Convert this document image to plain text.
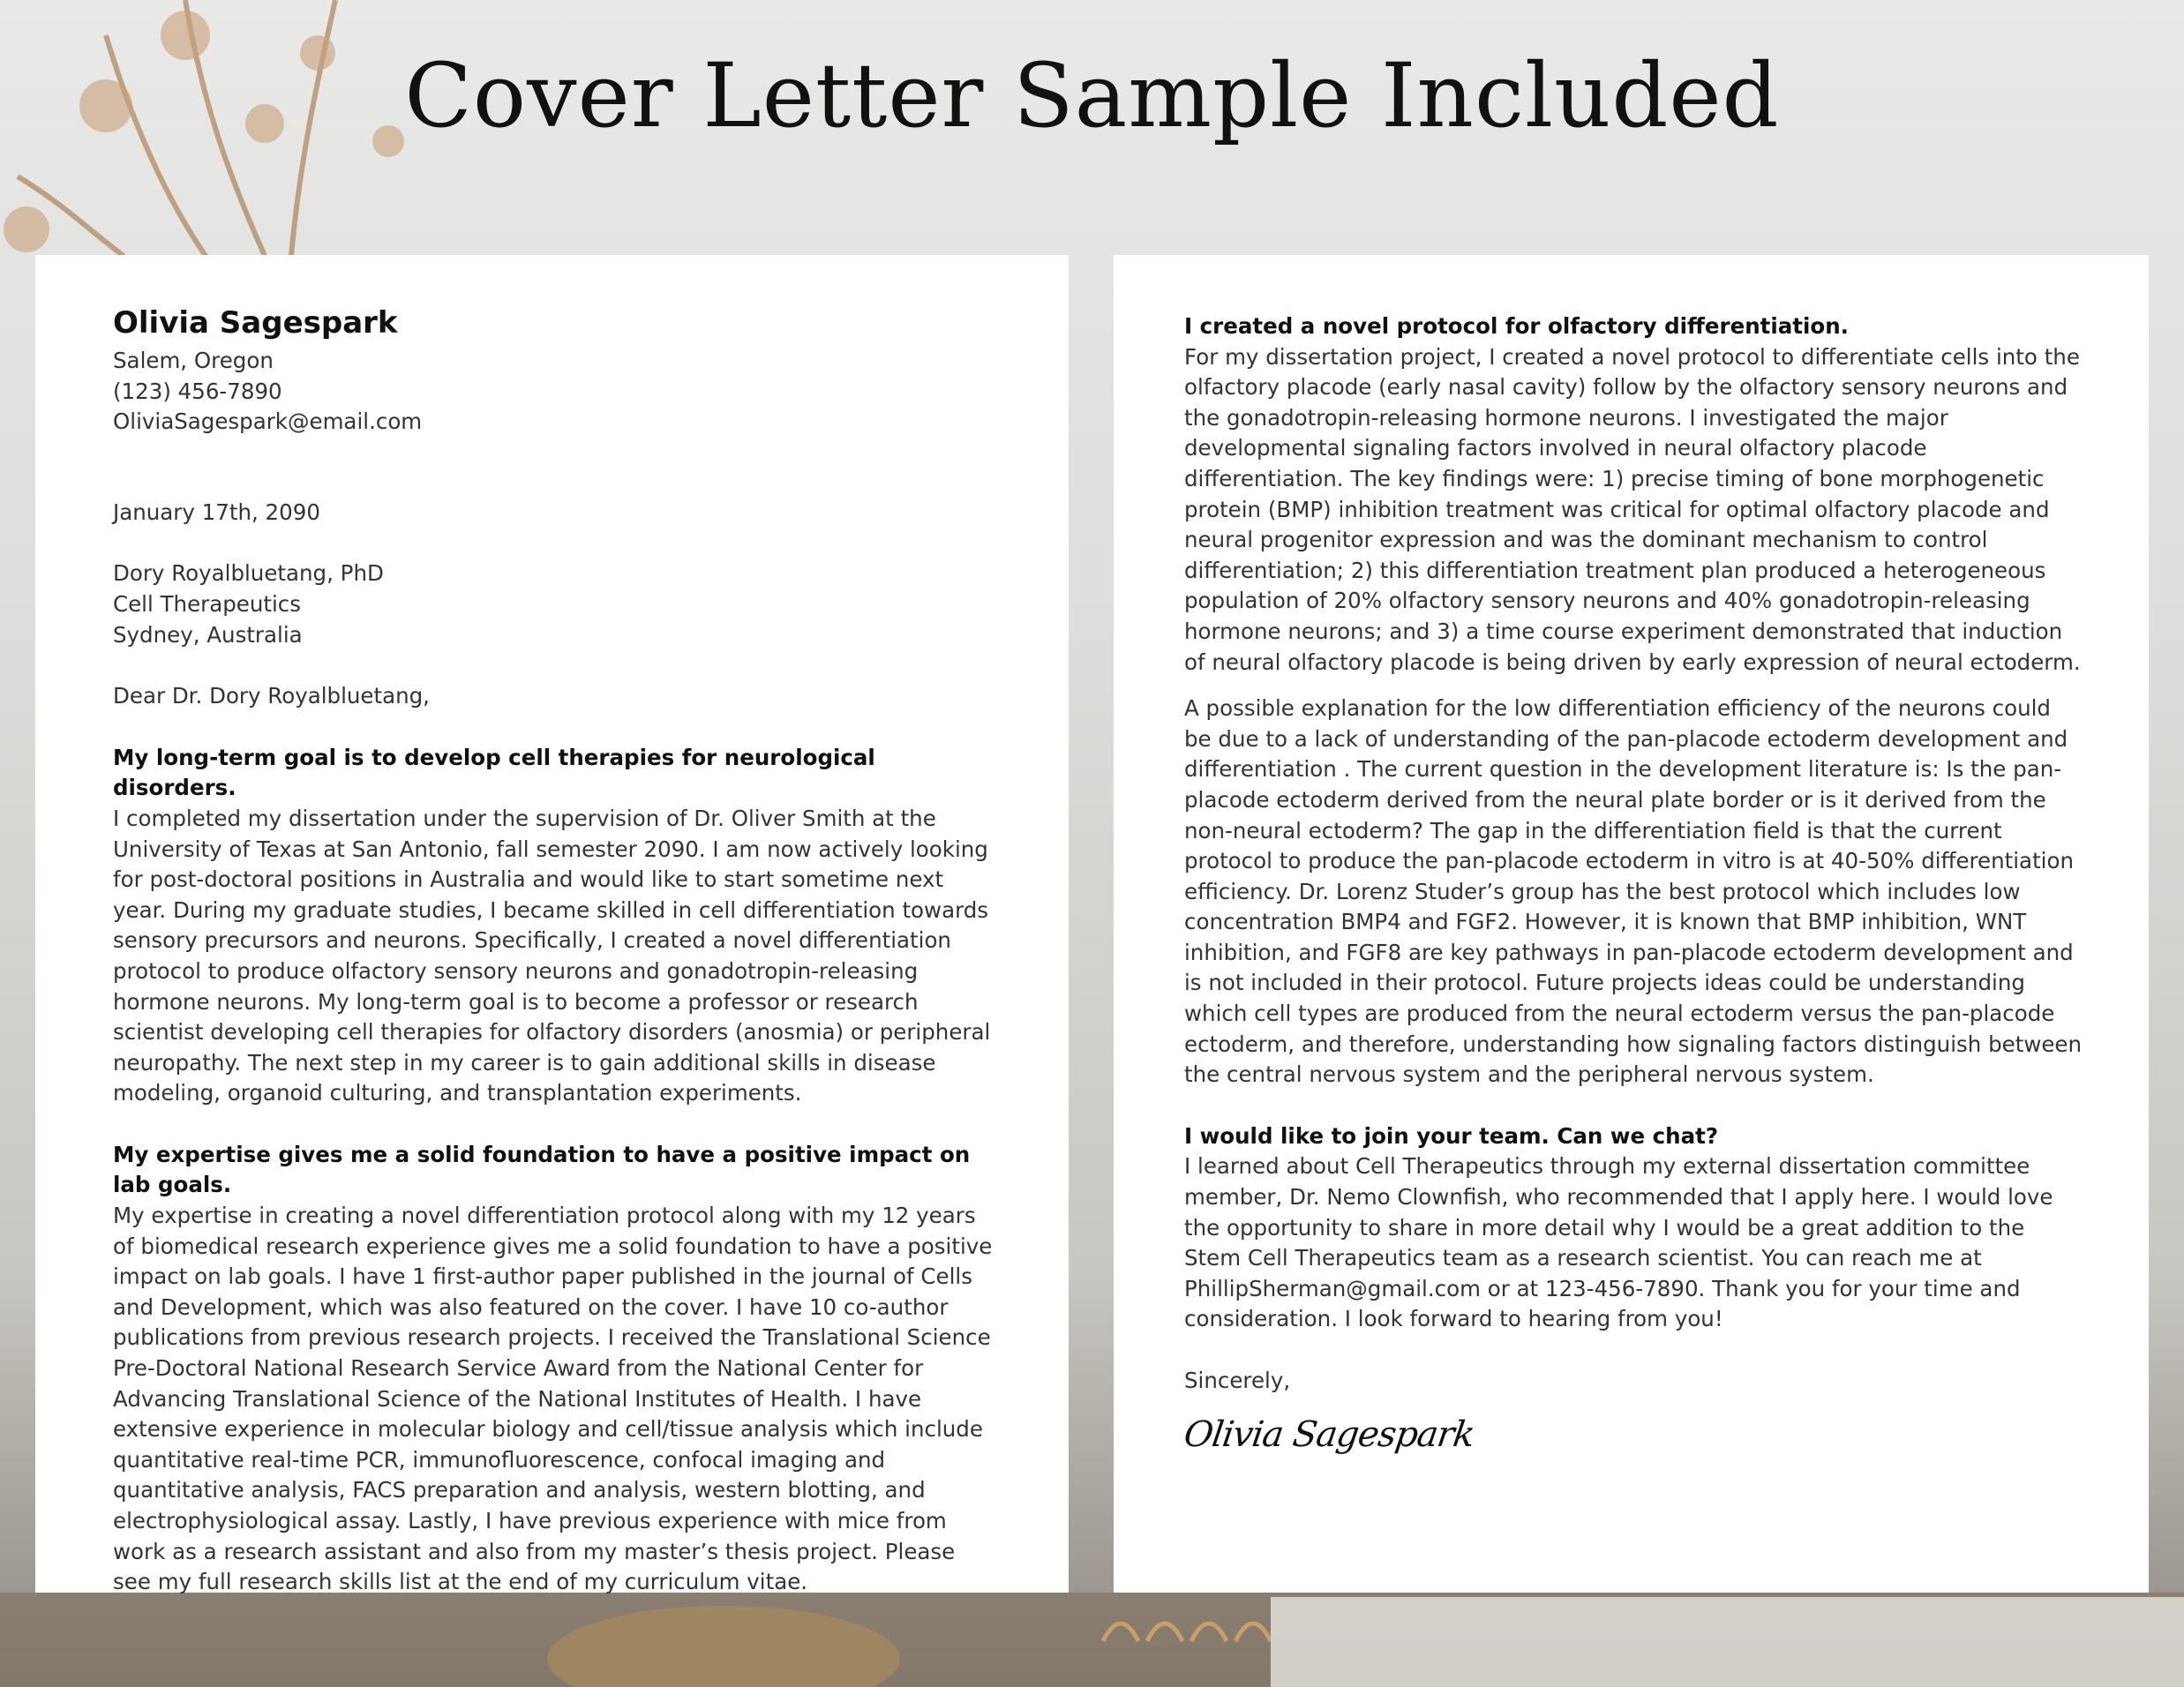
Cover Letter Sample Included
Olivia Sagespark
Salem, Oregon
(123) 456-7890
OliviaSagespark@email.com
January 17th, 2090
Dory Royalbluetang, PhD
Cell Therapeutics
Sydney, Australia
Dear Dr. Dory Royalbluetang,
My long-term goal is to develop cell therapies for neurological disorders.

I completed my dissertation under the supervision of Dr. Oliver Smith at the University of Texas at San Antonio, fall semester 2090. I am now actively looking for post-doctoral positions in Australia and would like to start sometime next year. During my graduate studies, I became skilled in cell differentiation towards sensory precursors and neurons. Specifically, I created a novel differentiation protocol to produce olfactory sensory neurons and gonadotropin-releasing hormone neurons. My long-term goal is to become a professor or research scientist developing cell therapies for olfactory disorders (anosmia) or peripheral neuropathy. The next step in my career is to gain additional skills in disease modeling, organoid culturing, and transplantation experiments.

My expertise gives me a solid foundation to have a positive impact on lab goals.

My expertise in creating a novel differentiation protocol along with my 12 years of biomedical research experience gives me a solid foundation to have a positive impact on lab goals. I have 1 first-author paper published in the journal of Cells and Development, which was also featured on the cover. I have 10 co-author publications from previous research projects. I received the Translational Science Pre-Doctoral National Research Service Award from the National Center for Advancing Translational Science of the National Institutes of Health. I have extensive experience in molecular biology and cell/tissue analysis which include quantitative real-time PCR, immunofluorescence, confocal imaging and quantitative analysis, FACS preparation and analysis, western blotting, and electrophysiological assay. Lastly, I have previous experience with mice from work as a research assistant and also from my master’s thesis project. Please see my full research skills list at the end of my curriculum vitae.

I created a novel protocol for olfactory differentiation.

For my dissertation project, I created a novel protocol to differentiate cells into the olfactory placode (early nasal cavity) follow by the olfactory sensory neurons and the gonadotropin-releasing hormone neurons. I investigated the major developmental signaling factors involved in neural olfactory placode differentiation. The key findings were: 1) precise timing of bone morphogenetic protein (BMP) inhibition treatment was critical for optimal olfactory placode and neural progenitor expression and was the dominant mechanism to control differentiation; 2) this differentiation treatment plan produced a heterogeneous population of 20% olfactory sensory neurons and 40% gonadotropin-releasing hormone neurons; and 3) a time course experiment demonstrated that induction of neural olfactory placode is being driven by early expression of neural ectoderm.

A possible explanation for the low differentiation efficiency of the neurons could be due to a lack of understanding of the pan-placode ectoderm development and differentiation . The current question in the development literature is: Is the pan-placode ectoderm derived from the neural plate border or is it derived from the non-neural ectoderm? The gap in the differentiation field is that the current protocol to produce the pan-placode ectoderm in vitro is at 40-50% differentiation efficiency. Dr. Lorenz Studer’s group has the best protocol which includes low concentration BMP4 and FGF2. However, it is known that BMP inhibition, WNT inhibition, and FGF8 are key pathways in pan-placode ectoderm development and is not included in their protocol. Future projects ideas could be understanding which cell types are produced from the neural ectoderm versus the pan-placode ectoderm, and therefore, understanding how signaling factors distinguish between the central nervous system and the peripheral nervous system.

I would like to join your team. Can we chat?

I learned about Cell Therapeutics through my external dissertation committee member, Dr. Nemo Clownfish, who recommended that I apply here. I would love the opportunity to share in more detail why I would be a great addition to the Stem Cell Therapeutics team as a research scientist. You can reach me at PhillipSherman@gmail.com or at 123-456-7890. Thank you for your time and consideration. I look forward to hearing from you!

Sincerely,
Olivia Sagespark
